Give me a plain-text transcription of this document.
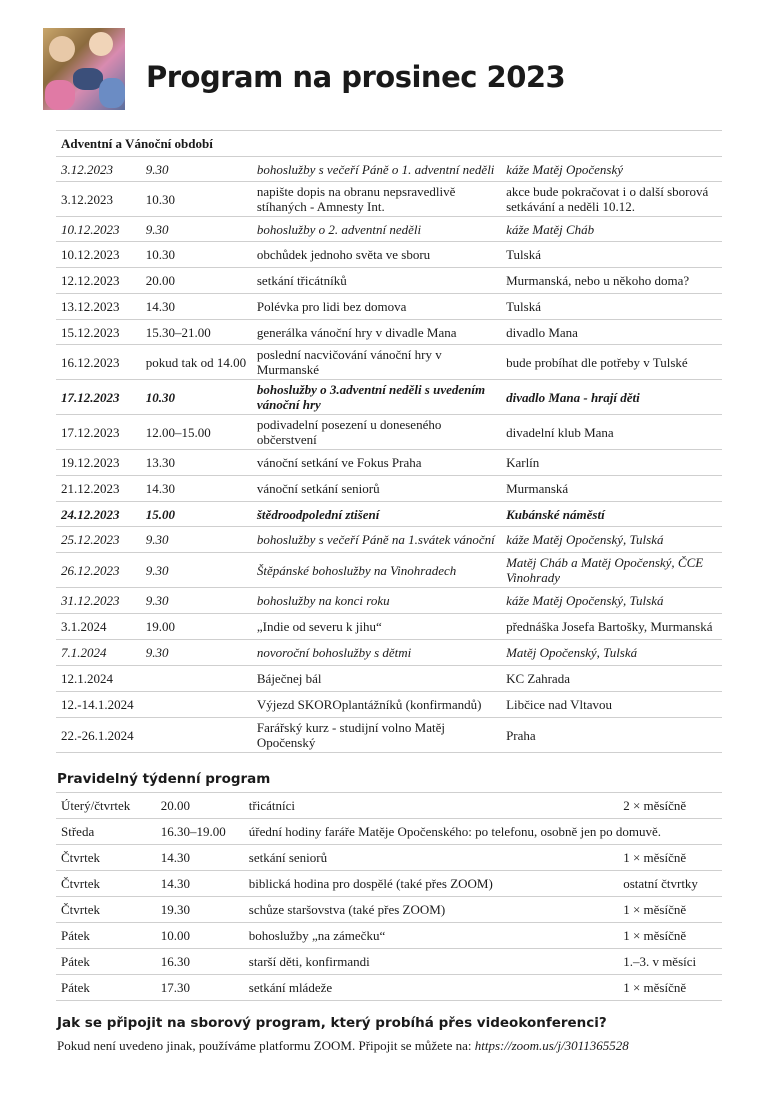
Program na prosinec 2023
Adventní a Vánoční období			
3.12.2023	9.30	bohoslužby s večeří Páně o 1. adventní neděli	káže Matěj Opočenský
3.12.2023	10.30	napište dopis na obranu nepsravedlivě stíhaných - Amnesty Int.	akce bude pokračovat i o další sborová setkávání a neděli 10.12.
10.12.2023	9.30	bohoslužby o 2. adventní neděli	káže Matěj Cháb
10.12.2023	10.30	obchůdek jednoho světa ve sboru	Tulská
12.12.2023	20.00	setkání třicátníků	Murmanská, nebo u někoho doma?
13.12.2023	14.30	Polévka pro lidi bez domova	Tulská
15.12.2023	15.30–21.00	generálka vánoční hry v divadle Mana	divadlo Mana
16.12.2023	pokud tak od 14.00	poslední nacvičování vánoční hry v Murmanské	bude probíhat dle potřeby v Tulské
17.12.2023	10.30	bohoslužby o 3.adventní neděli s uvedením vánoční hry	divadlo Mana - hrají děti
17.12.2023	12.00–15.00	podivadelní posezení u doneseného občerstvení	divadelní klub Mana
19.12.2023	13.30	vánoční setkání ve Fokus Praha	Karlín
21.12.2023	14.30	vánoční setkání seniorů	Murmanská
24.12.2023	15.00	štědroodpolední ztišení	Kubánské náměstí
25.12.2023	9.30	bohoslužby s večeří Páně na 1.svátek vánoční	káže Matěj Opočenský, Tulská
26.12.2023	9.30	Štěpánské bohoslužby na Vinohradech	Matěj Cháb a Matěj Opočenský, ČCE Vinohrady
31.12.2023	9.30	bohoslužby na konci roku	káže Matěj Opočenský, Tulská
3.1.2024	19.00	„Indie od severu k jihu“	přednáška Josefa Bartošky, Murmanská
7.1.2024	9.30	novoroční bohoslužby s dětmi	Matěj Opočenský, Tulská
12.1.2024		Báječnej bál	KC Zahrada
12.-14.1.2024		Výjezd SKOROplantážníků (konfirmandů)	Libčice nad Vltavou
22.-26.1.2024		Farářský kurz - studijní volno Matěj Opočenský	Praha
Pravidelný týdenní program
Úterý/čtvrtek	20.00	třicátníci	2 × měsíčně
Středa	16.30–19.00	úřední hodiny faráře Matěje Opočenského: po telefonu, osobně jen po domuvě.	
Čtvrtek	14.30	setkání seniorů	1 × měsíčně
Čtvrtek	14.30	biblická hodina pro dospělé (také přes ZOOM)	ostatní čtvrtky
Čtvrtek	19.30	schůze staršovstva (také přes ZOOM)	1 × měsíčně
Pátek	10.00	bohoslužby „na zámečku“	1 × měsíčně
Pátek	16.30	starší děti, konfirmandi	1.–3. v měsíci
Pátek	17.30	setkání mládeže	1 × měsíčně
Jak se připojit na sborový program, který probíhá přes videokonferenci?
Pokud není uvedeno jinak, používáme platformu ZOOM. Připojit se můžete na: https://zoom.us/j/3011365528
